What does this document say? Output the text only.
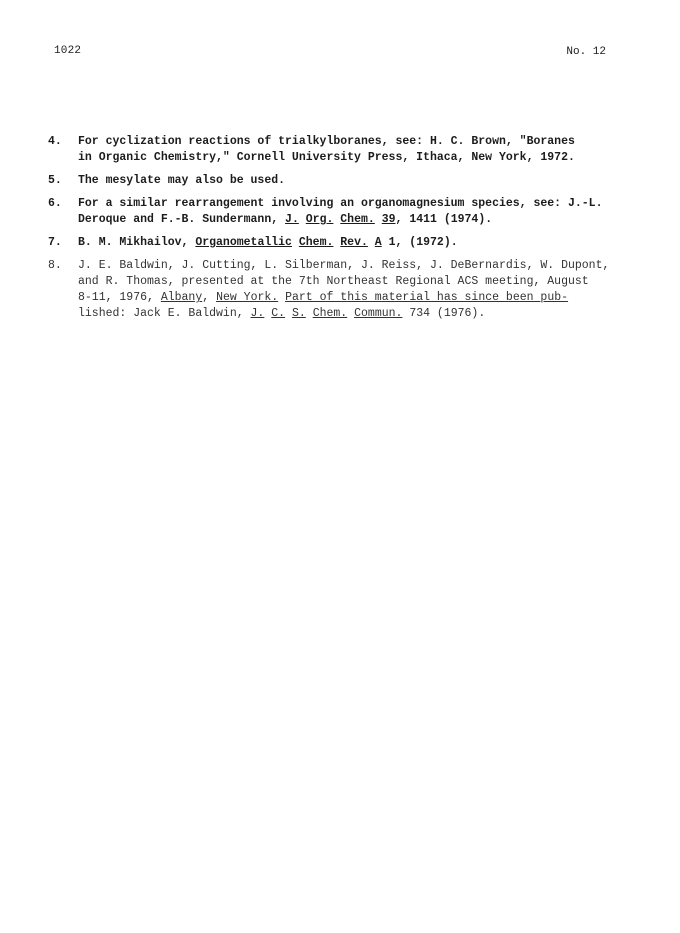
1022	No. 12
4.	For cyclization reactions of trialkylboranes, see: H. C. Brown, "Boranes
in Organic Chemistry," Cornell University Press, Ithaca, New York, 1972.
5.	The mesylate may also be used.
6.	For a similar rearrangement involving an organomagnesium species, see: J.-L.
Deroque and F.-B. Sundermann, J. Org. Chem. 39, 1411 (1974).
7.	B. M. Mikhailov, Organometallic Chem. Rev. A 1, (1972).
8.	J. E. Baldwin, J. Cutting, L. Silberman, J. Reiss, J. DeBernardis, W. Dupont,
and R. Thomas, presented at the 7th Northeast Regional ACS meeting, August
8-11, 1976, Albany, New York. Part of this material has since been pub-
lished: Jack E. Baldwin, J. C. S. Chem. Commun. 734 (1976).
